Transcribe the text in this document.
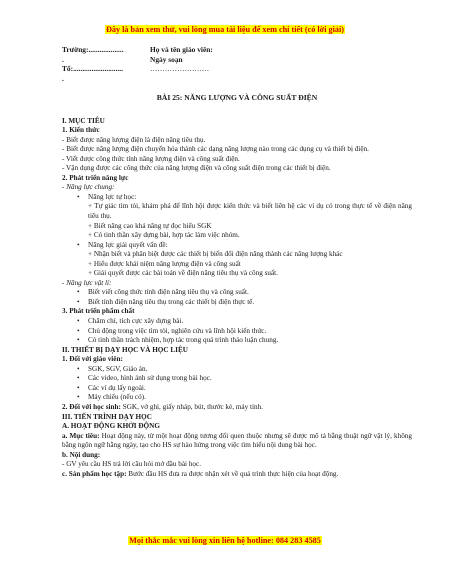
Đây là bản xem thử, vui lòng mua tài liệu để xem chi tiết (có lời giải)
Trường:...................
.
Tổ:...........................
.
Họ và tên giáo viên:
Ngày soạn
……………………
BÀI 25: NĂNG LƯỢNG VÀ CÔNG SUẤT ĐIỆN
I. MỤC TIÊU
1. Kiến thức
- Biết được năng lượng điện là điện năng tiêu thụ.
- Biết được năng lượng điện chuyển hóa thành các dạng năng lượng nào trong các dụng cụ và thiết bị điện.
- Viết được công thức tính năng lượng điện và công suất điện.
- Vận dụng được các công thức của năng lượng điện và công suất điện trong các thiết bị điện.
2. Phát triển năng lực
- Năng lực chung:
• Năng lực tự học:
+ Tự giác tìm tòi, khám phá để lĩnh hội được kiến thức và biết liên hệ các ví dụ có trong thực tế về điện năng tiêu thụ.
+ Biết năng cao khả năng tự đọc hiểu SGK
+ Có tinh thần xây dựng bài, hợp tác làm việc nhóm.
• Năng lực giải quyết vấn đề:
+ Nhận biết và phân biệt được các thiết bị biến đổi điện năng thành các năng lượng khác
+ Hiểu được khái niệm năng lượng điện và công suất
+ Giải quyết được các bài toán về điện năng tiêu thụ và công suất.
- Năng lực vật lí:
• Biết viết công thức tính điện năng tiêu thụ và công suất.
• Biết tính điện năng tiêu thụ trong các thiết bị điện thực tế.
3. Phát triển phẩm chất
• Chăm chỉ, tích cực xây dựng bài.
• Chủ động trong việc tìm tòi, nghiên cứu và lĩnh hội kiến thức.
• Có tinh thần trách nhiệm, hợp tác trong quá trình thảo luận chung.
II. THIẾT BỊ DẠY HỌC VÀ HỌC LIỆU
1. Đối với giáo viên:
• SGK, SGV, Giáo án.
• Các video, hình ảnh sử dụng trong bài học.
• Các ví dụ lấy ngoài.
• Máy chiếu (nếu có).
2. Đối với học sinh: SGK, vở ghi, giấy nháp, bút, thước kẻ, máy tính.
III. TIẾN TRÌNH DẠY HỌC
A. HOẠT ĐỘNG KHỞI ĐỘNG
a. Mục tiêu: Hoạt động này, từ một hoạt động tương đối quen thuộc nhưng sẽ được mô tả bằng thuật ngữ vật lý, không bằng ngôn ngữ hằng ngày, tạo cho HS sự hào hứng trong việc tìm hiểu nội dung bài học.
b. Nội dung:
- GV yêu cầu HS trả lời câu hỏi mở đầu bài học.
c. Sản phẩm học tập: Bước đầu HS đưa ra được nhận xét về quá trình thực hiện của hoạt động.
Mọi thắc mắc vui lòng xin liên hệ hotline: 084 283 4585
